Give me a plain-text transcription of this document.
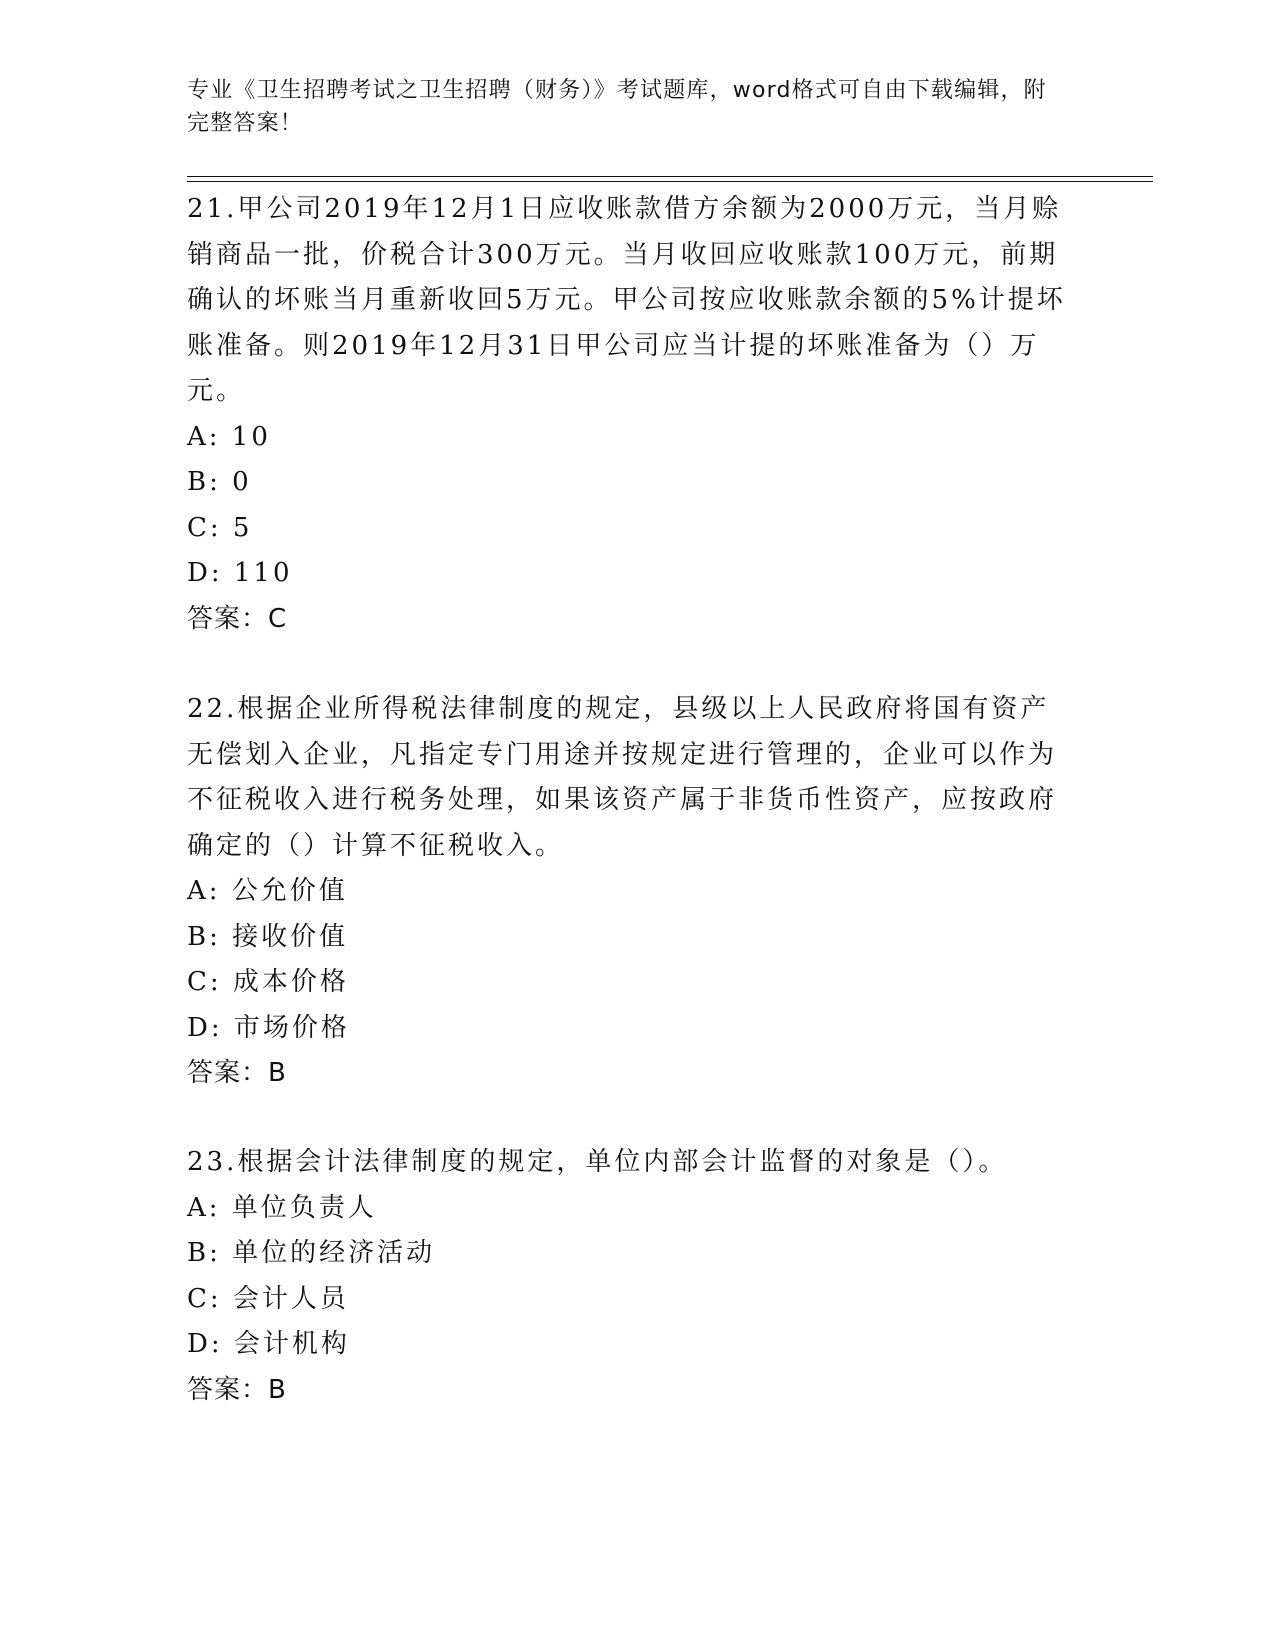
专业《卫生招聘考试之卫生招聘（财务）》考试题库，word格式可自由下载编辑，附完整答案！

21.甲公司2019年12月1日应收账款借方余额为2000万元，当月赊销商品一批，价税合计300万元。当月收回应收账款100万元，前期确认的坏账当月重新收回5万元。甲公司按应收账款余额的5%计提坏账准备。则2019年12月31日甲公司应当计提的坏账准备为（）万元。

A: 10
B: 0
C: 5
D: 110
答案：C

22.根据企业所得税法律制度的规定，县级以上人民政府将国有资产无偿划入企业，凡指定专门用途并按规定进行管理的，企业可以作为不征税收入进行税务处理，如果该资产属于非货币性资产，应按政府确定的（）计算不征税收入。

A: 公允价值
B: 接收价值
C: 成本价格
D: 市场价格
答案：B

23.根据会计法律制度的规定，单位内部会计监督的对象是（）。

A: 单位负责人
B: 单位的经济活动
C: 会计人员
D: 会计机构
答案：B
